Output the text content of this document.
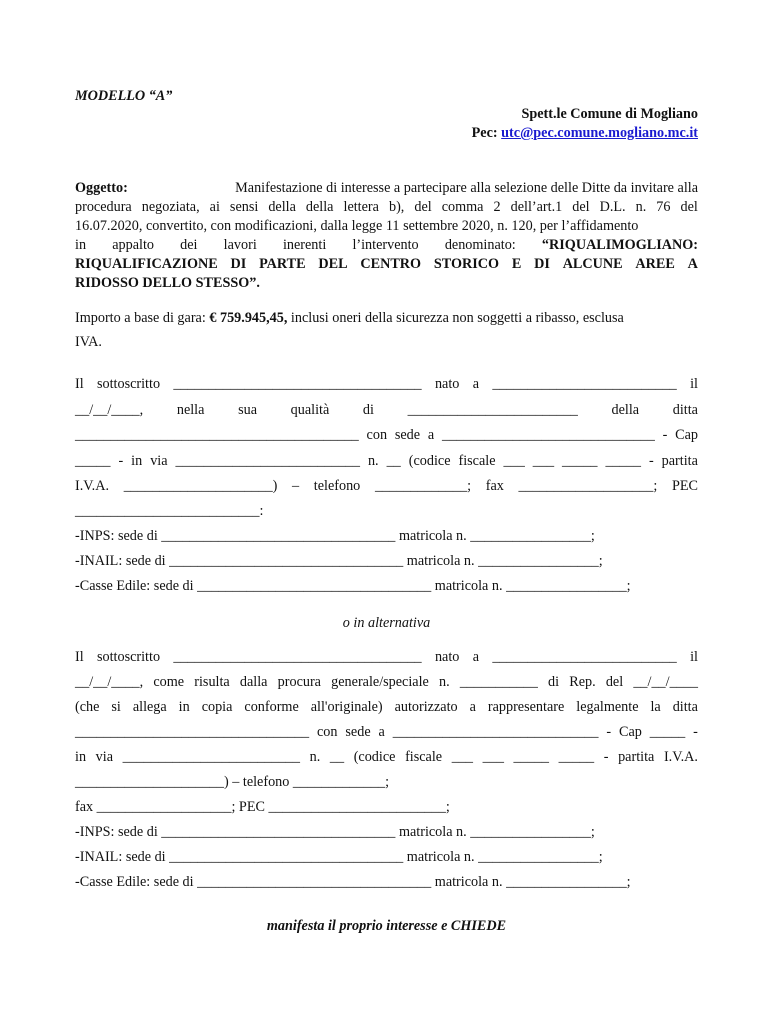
MODELLO “A”
Spett.le Comune di Mogliano
Pec: utc@pec.comune.mogliano.mc.it
Oggetto:	Manifestazione di interesse a partecipare alla selezione delle Ditte da invitare alla
procedura negoziata, ai sensi della della lettera b), del comma 2 dell’art.1 del D.L. n. 76 del
16.07.2020, convertito, con modificazioni, dalla legge 11 settembre 2020, n. 120, per l’affidamento
in appalto dei lavori inerenti l’intervento denominato: “RIQUALIMOGLIANO:
RIQUALIFICAZIONE DI PARTE DEL CENTRO STORICO E DI ALCUNE AREE A
RIDOSSO DELLO STESSO”.
Importo a base di gara: € 759.945,45, inclusi oneri della sicurezza non soggetti a ribasso, esclusa
IVA.
Il sottoscritto ___________________________________ nato a __________________________ il
__/__/____, nella sua qualità di ________________________ della ditta
________________________________________ con sede a ______________________________ - Cap
_____ - in via __________________________ n. __ (codice fiscale ___ ___ _____ _____ - partita
I.V.A. _____________________) – telefono _____________; fax ___________________; PEC
__________________________:
-INPS: sede di _________________________________ matricola n. _________________;
-INAIL: sede di _________________________________ matricola n. _________________;
-Casse Edile: sede di _________________________________ matricola n. _________________;
o in alternativa
Il sottoscritto ___________________________________ nato a __________________________ il
__/__/____, come risulta dalla procura generale/speciale n. ___________ di Rep. del __/__/____
(che si allega in copia conforme all'originale) autorizzato a rappresentare legalmente la ditta
_________________________________ con sede a _____________________________ - Cap _____ -
in via _________________________ n. __ (codice fiscale ___ ___ _____ _____ - partita I.V.A.
_____________________) – telefono _____________;
fax ___________________; PEC _________________________;
-INPS: sede di _________________________________ matricola n. _________________;
-INAIL: sede di _________________________________ matricola n. _________________;
-Casse Edile: sede di _________________________________ matricola n. _________________;
manifesta il proprio interesse e CHIEDE
